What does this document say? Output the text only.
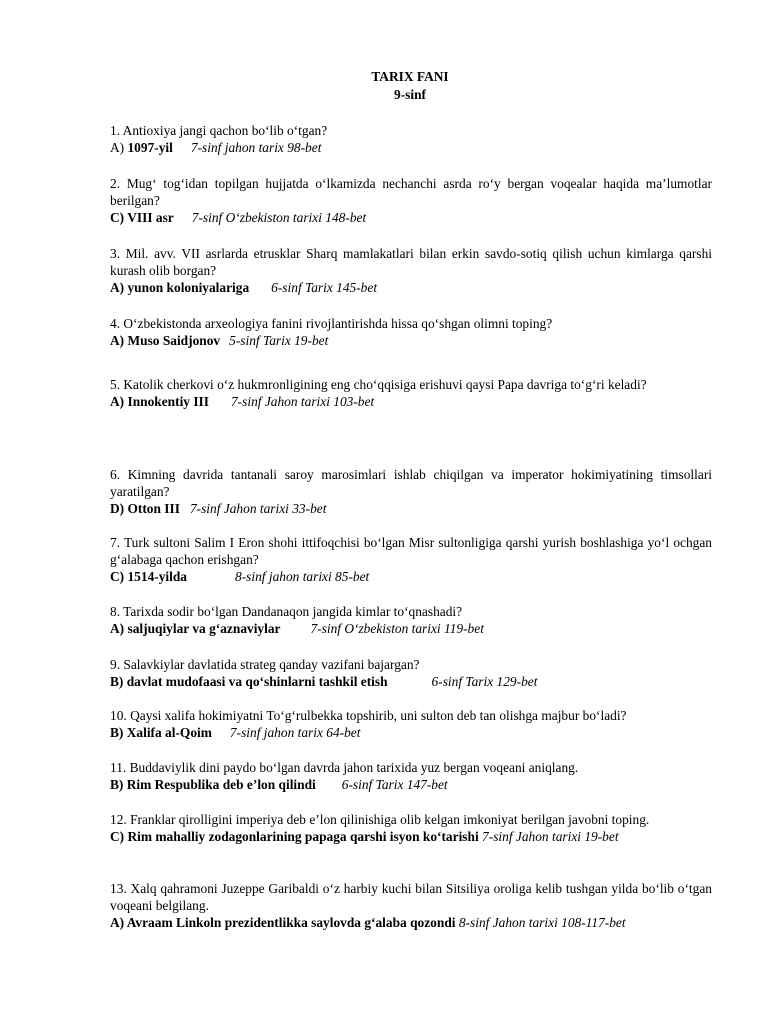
TARIX FANI
9-sinf
1. Antioxiya jangi qachon bo‘lib o‘tgan?
A) 1097-yil 7-sinf jahon tarix 98-bet
2. Mug‘ tog‘idan topilgan hujjatda o‘lkamizda nechanchi asrda ro‘y bergan voqealar haqida ma’lumotlar berilgan?
C) VIII asr 7-sinf O‘zbekiston tarixi 148-bet
3. Mil. avv. VII asrlarda etrusklar Sharq mamlakatlari bilan erkin savdo-sotiq qilish uchun kimlarga qarshi kurash olib borgan?
A) yunon koloniyalariga 6-sinf Tarix 145-bet
4. O‘zbekistonda arxeologiya fanini rivojlantirishda hissa qo‘shgan olimni toping?
A) Muso Saidjonov 5-sinf Tarix 19-bet
5. Katolik cherkovi o‘z hukmronligining eng cho‘qqisiga erishuvi qaysi Papa davriga to‘g‘ri keladi?
A) Innokentiy III 7-sinf Jahon tarixi 103-bet
6. Kimning davrida tantanali saroy marosimlari ishlab chiqilgan va imperator hokimiyatining timsollari yaratilgan?
D) Otton III 7-sinf Jahon tarixi 33-bet
7. Turk sultoni Salim I Eron shohi ittifoqchisi bo‘lgan Misr sultonligiga qarshi yurish boshlashiga yo‘l ochgan g‘alabaga qachon erishgan?
C) 1514-yilda	8-sinf jahon tarixi 85-bet
8. Tarixda sodir bo‘lgan Dandanaqon jangida kimlar to‘qnashadi?
A) saljuqiylar va g‘aznaviylar 7-sinf O‘zbekiston tarixi 119-bet
9. Salavkiylar davlatida strateg qanday vazifani bajargan?
B) davlat mudofaasi va qo‘shinlarni tashkil etish	6-sinf Tarix 129-bet
10. Qaysi xalifa hokimiyatni To‘g‘rulbekka topshirib, uni sulton deb tan olishga majbur bo‘ladi?
B) Xalifa al-Qoim 7-sinf jahon tarix 64-bet
11. Buddaviylik dini paydo bo‘lgan davrda jahon tarixida yuz bergan voqeani aniqlang.
B) Rim Respublika deb e’lon qilindi 6-sinf Tarix 147-bet
12. Franklar qirolligini imperiya deb e’lon qilinishiga olib kelgan imkoniyat berilgan javobni toping.
C) Rim mahalliy zodagonlarining papaga qarshi isyon ko‘tarishi 7-sinf Jahon tarixi 19-bet
13. Xalq qahramoni Juzeppe Garibaldi o‘z harbiy kuchi bilan Sitsiliya oroliga kelib tushgan yilda bo‘lib o‘tgan voqeani belgilang.
A) Avraam Linkoln prezidentlikka saylovda g‘alaba qozondi 8-sinf Jahon tarixi 108-117-bet
